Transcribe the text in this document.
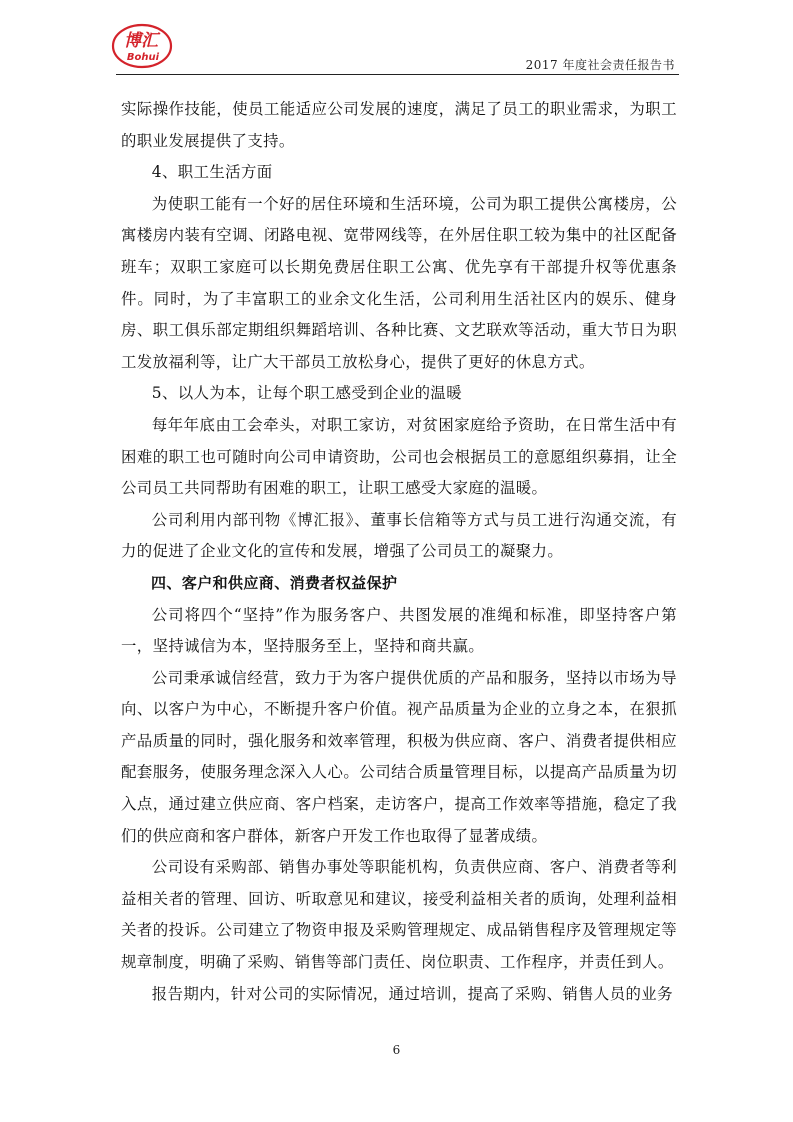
博汇
Bohui
2017 年度社会责任报告书

实际操作技能，使员工能适应公司发展的速度，满足了员工的职业需求，为职工的职业发展提供了支持。

4、职工生活方面

为使职工能有一个好的居住环境和生活环境，公司为职工提供公寓楼房，公寓楼房内装有空调、闭路电视、宽带网线等，在外居住职工较为集中的社区配备班车；双职工家庭可以长期免费居住职工公寓、优先享有干部提升权等优惠条件。同时，为了丰富职工的业余文化生活，公司利用生活社区内的娱乐、健身房、职工俱乐部定期组织舞蹈培训、各种比赛、文艺联欢等活动，重大节日为职工发放福利等，让广大干部员工放松身心，提供了更好的休息方式。

5、以人为本，让每个职工感受到企业的温暖

每年年底由工会牵头，对职工家访，对贫困家庭给予资助，在日常生活中有困难的职工也可随时向公司申请资助，公司也会根据员工的意愿组织募捐，让全公司员工共同帮助有困难的职工，让职工感受大家庭的温暖。

公司利用内部刊物《博汇报》、董事长信箱等方式与员工进行沟通交流，有力的促进了企业文化的宣传和发展，增强了公司员工的凝聚力。

四、客户和供应商、消费者权益保护

公司将四个“坚持”作为服务客户、共图发展的准绳和标准，即坚持客户第一，坚持诚信为本，坚持服务至上，坚持和商共赢。

公司秉承诚信经营，致力于为客户提供优质的产品和服务，坚持以市场为导向、以客户为中心，不断提升客户价值。视产品质量为企业的立身之本，在狠抓产品质量的同时，强化服务和效率管理，积极为供应商、客户、消费者提供相应配套服务，使服务理念深入人心。公司结合质量管理目标，以提高产品质量为切入点，通过建立供应商、客户档案，走访客户，提高工作效率等措施，稳定了我们的供应商和客户群体，新客户开发工作也取得了显著成绩。

公司设有采购部、销售办事处等职能机构，负责供应商、客户、消费者等利益相关者的管理、回访、听取意见和建议，接受利益相关者的质询，处理利益相关者的投诉。公司建立了物资申报及采购管理规定、成品销售程序及管理规定等规章制度，明确了采购、销售等部门责任、岗位职责、工作程序，并责任到人。

报告期内，针对公司的实际情况，通过培训，提高了采购、销售人员的业务

6
